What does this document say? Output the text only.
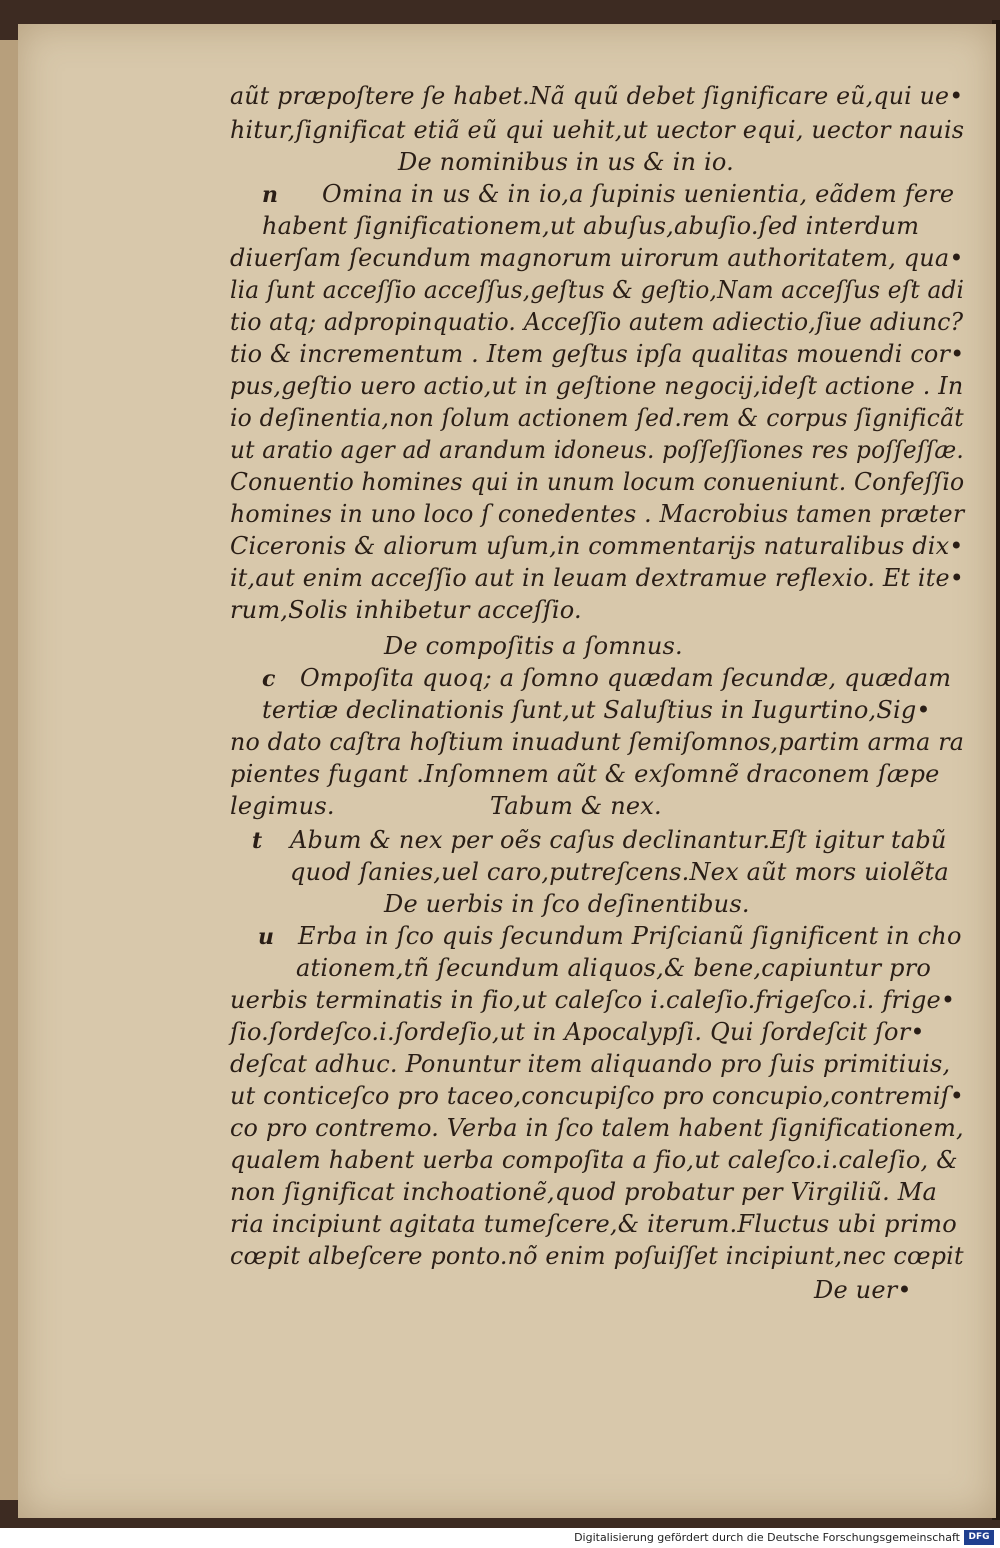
aũt præpoſtere ſe habet.Nã quũ debet ſignificare eũ,qui ue•
hitur,ſignificat etiã eũ qui uehit,ut uector equi, uector nauis
De nominibus in us & in io.
n Omina in us & in io,a ſupinis uenientia, eãdem fere
habent ſignificationem,ut abuſus,abuſio.ſed interdum
diuerſam ſecundum magnorum uirorum authoritatem, qua•
lia ſunt acceſſio acceſſus,geſtus & geſtio,Nam acceſſus eſt adi
tio atq; adpropinquatio. Acceſſio autem adiectio,ſiue adiunc?
tio & incrementum . Item geſtus ipſa qualitas mouendi cor•
pus,geſtio uero actio,ut in geſtione negocij,ideſt actione . In
io deſinentia,non ſolum actionem ſed.rem & corpus ſignificãt
ut aratio ager ad arandum idoneus. poſſeſſiones res poſſeſſæ.
Conuentio homines qui in unum locum conueniunt. Confeſſio
homines in uno loco ſ conedentes . Macrobius tamen præter
Ciceronis & aliorum uſum,in commentarijs naturalibus dix•
it,aut enim acceſſio aut in leuam dextramue reflexio. Et ite•
rum,Solis inhibetur acceſſio.
De compoſitis a ſomnus.
c Ompoſita quoq; a ſomno quædam ſecundæ, quædam
tertiæ declinationis ſunt,ut Saluſtius in Iugurtino,Sig•
no dato caſtra hoſtium inuadunt ſemiſomnos,partim arma ra
pientes fugant .Inſomnem aũt & exſomnẽ draconem ſæpe
legimus.	Tabum & nex.
t Abum & nex per oẽs caſus declinantur.Eſt igitur tabũ
quod ſanies,uel caro,putreſcens.Nex aũt mors uiolẽta
De uerbis in ſco deſinentibus.
u Erba in ſco quis ſecundum Priſcianũ ſignificent in cho
ationem,tñ ſecundum aliquos,& bene,capiuntur pro
uerbis terminatis in fio,ut caleſco i.caleſio.frigeſco.i. frige•
ſio.ſordeſco.i.ſordeſio,ut in Apocalypſi. Qui ſordeſcit ſor•
deſcat adhuc. Ponuntur item aliquando pro ſuis primitiuis,
ut conticeſco pro taceo,concupiſco pro concupio,contremiſ•
co pro contremo. Verba in ſco talem habent ſignificationem,
qualem habent uerba compoſita a fio,ut caleſco.i.caleſio, &
non ſignificat inchoationẽ,quod probatur per Virgiliũ. Ma
ria incipiunt agitata tumeſcere,& iterum.Fluctus ubi primo
cœpit albeſcere ponto.nõ enim poſuiſſet incipiunt,nec cœpit
De uer•
Digitalisierung gefördert durch die Deutsche Forschungsgemeinschaft DFG
